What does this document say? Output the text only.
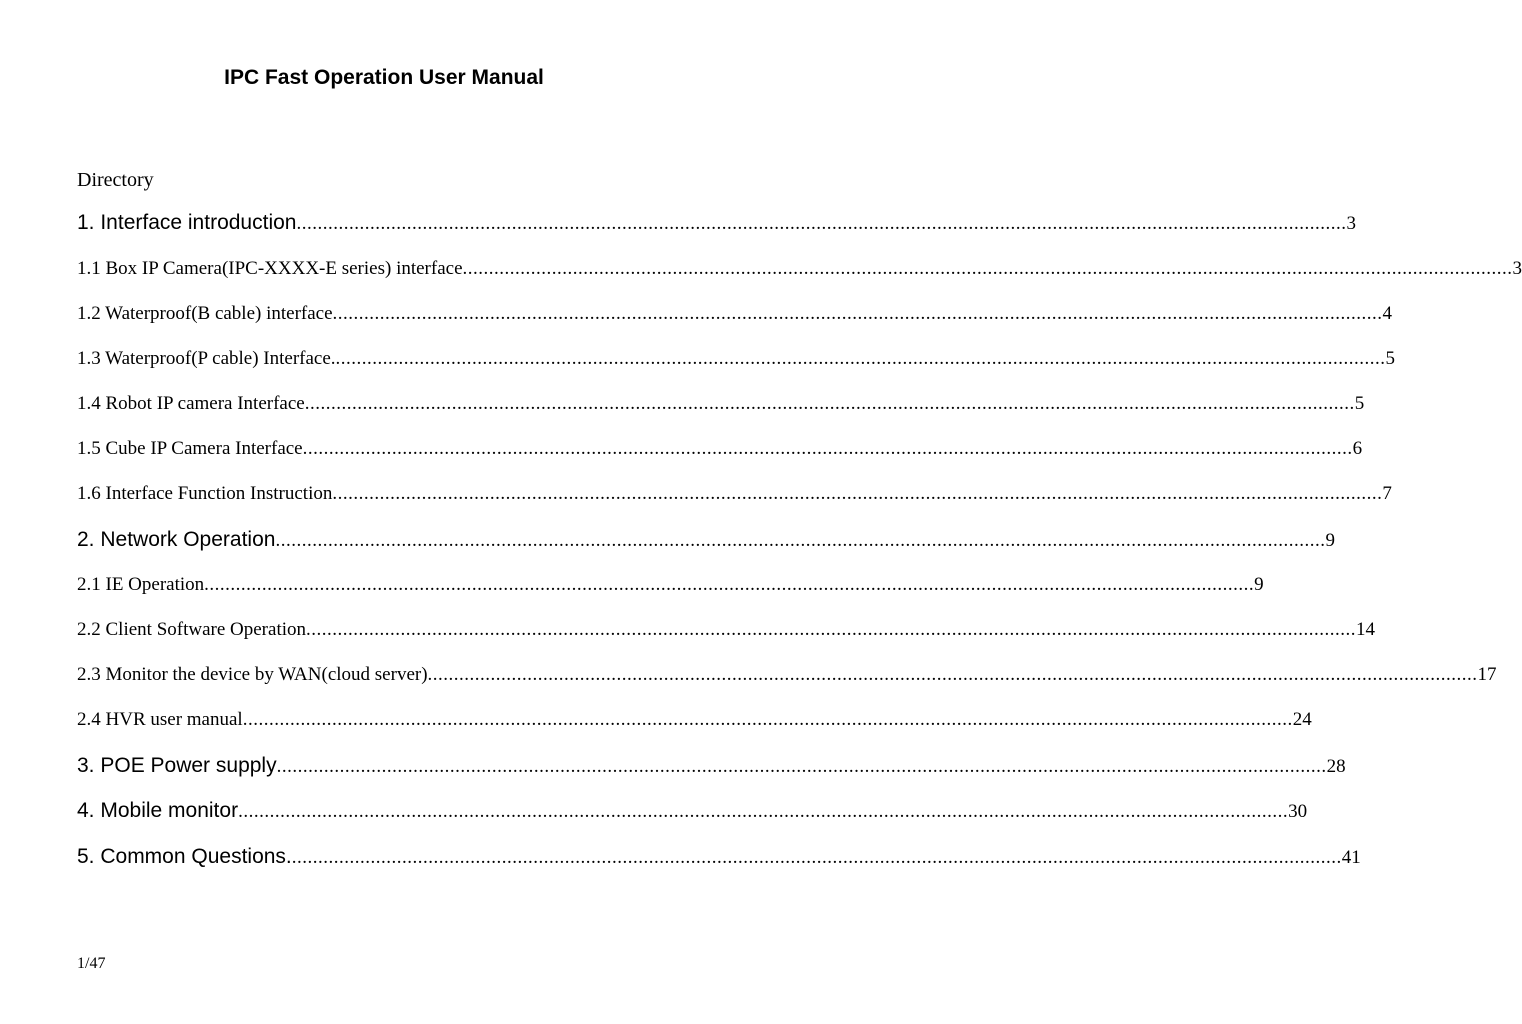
IPC Fast Operation User Manual
Directory
1. Interface introduction ........................................................................................................................................................................................................ 3
1.1 Box IP Camera(IPC-XXXX-E series) interface ........................................................................................................................................................................................................ 3
1.2 Waterproof(B cable) interface ........................................................................................................................................................................................................ 4
1.3 Waterproof(P cable) Interface. ........................................................................................................................................................................................................ 5
1.4 Robot IP camera Interface ........................................................................................................................................................................................................ 5
1.5 Cube IP Camera Interface ........................................................................................................................................................................................................ 6
1.6 Interface Function Instruction ........................................................................................................................................................................................................ 7
2. Network Operation ........................................................................................................................................................................................................ 9
2.1 IE Operation ........................................................................................................................................................................................................ 9
2.2 Client Software Operation ........................................................................................................................................................................................................ 14
2.3 Monitor the device by WAN(cloud server) ........................................................................................................................................................................................................ 17
2.4 HVR user manual ........................................................................................................................................................................................................ 24
3. POE Power supply ........................................................................................................................................................................................................ 28
4. Mobile monitor ........................................................................................................................................................................................................ 30
5. Common Questions. ........................................................................................................................................................................................................ 41
1/47
